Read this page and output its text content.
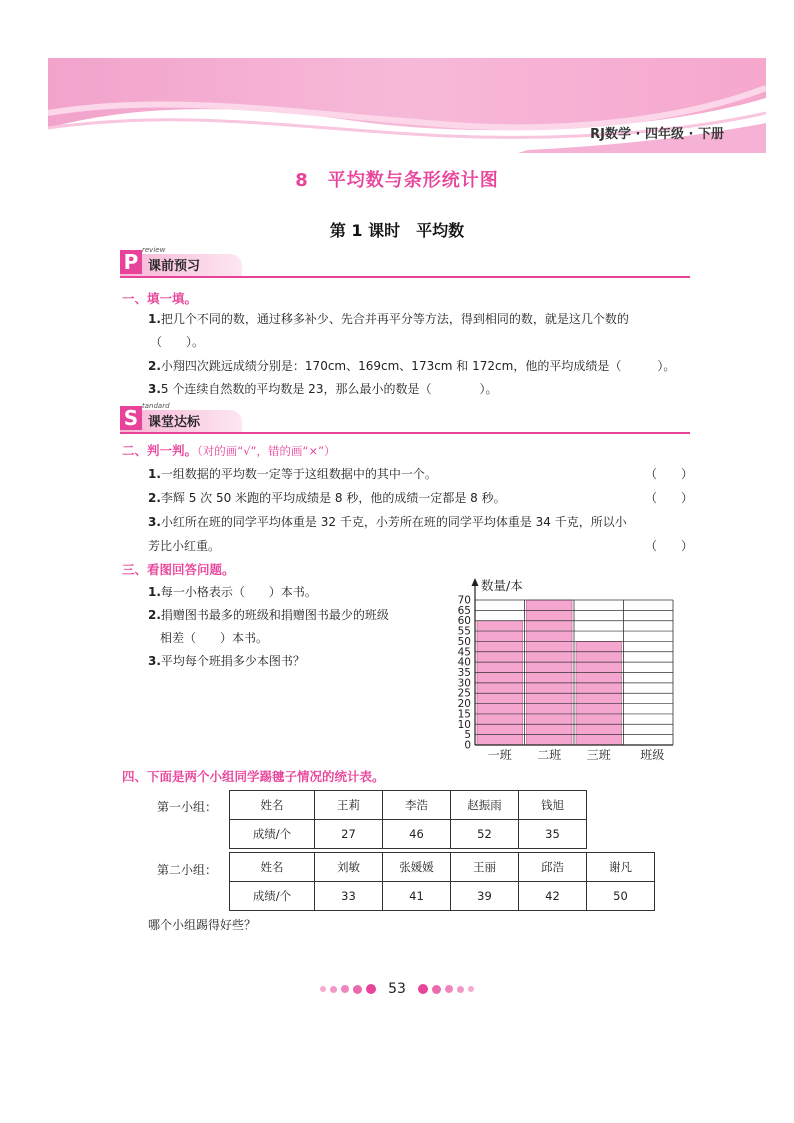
RJ数学 · 四年级 · 下册
8　平均数与条形统计图
第 1 课时　平均数
P review
课前预习
一、填一填。
1.把几个不同的数，通过移多补少、先合并再平分等方法，得到相同的数，就是这几个数的
（　　）。
2.小翔四次跳远成绩分别是：170cm、169cm、173cm 和 172cm，他的平均成绩是（　　　）。
3.5 个连续自然数的平均数是 23，那么最小的数是（　　　　）。
S tandard
课堂达标
二、判一判。（对的画“√”，错的画“×”）
1.一组数据的平均数一定等于这组数据中的其中一个。	（　　）
2.李辉 5 次 50 米跑的平均成绩是 8 秒，他的成绩一定都是 8 秒。	（　　）
3.小红所在班的同学平均体重是 32 千克，小芳所在班的同学平均体重是 34 千克，所以小
芳比小红重。	（　　）
三、看图回答问题。
1.每一小格表示（　　）本书。
2.捐赠图书最多的班级和捐赠图书最少的班级
相差（　　）本书。
3.平均每个班捐多少本图书？
0
5
10
15
20
25
30
35
40
45
50
55
60
65
70
数量/本
一班 二班 三班 班级
四、下面是两个小组同学踢毽子情况的统计表。
第一小组：	姓名	王莉	李浩	赵振雨	钱旭
成绩/个	27	46	52	35
第二小组：	姓名	刘敏	张媛媛	王丽	邱浩	谢凡
成绩/个	33	41	39	42	50
哪个小组踢得好些？
53
